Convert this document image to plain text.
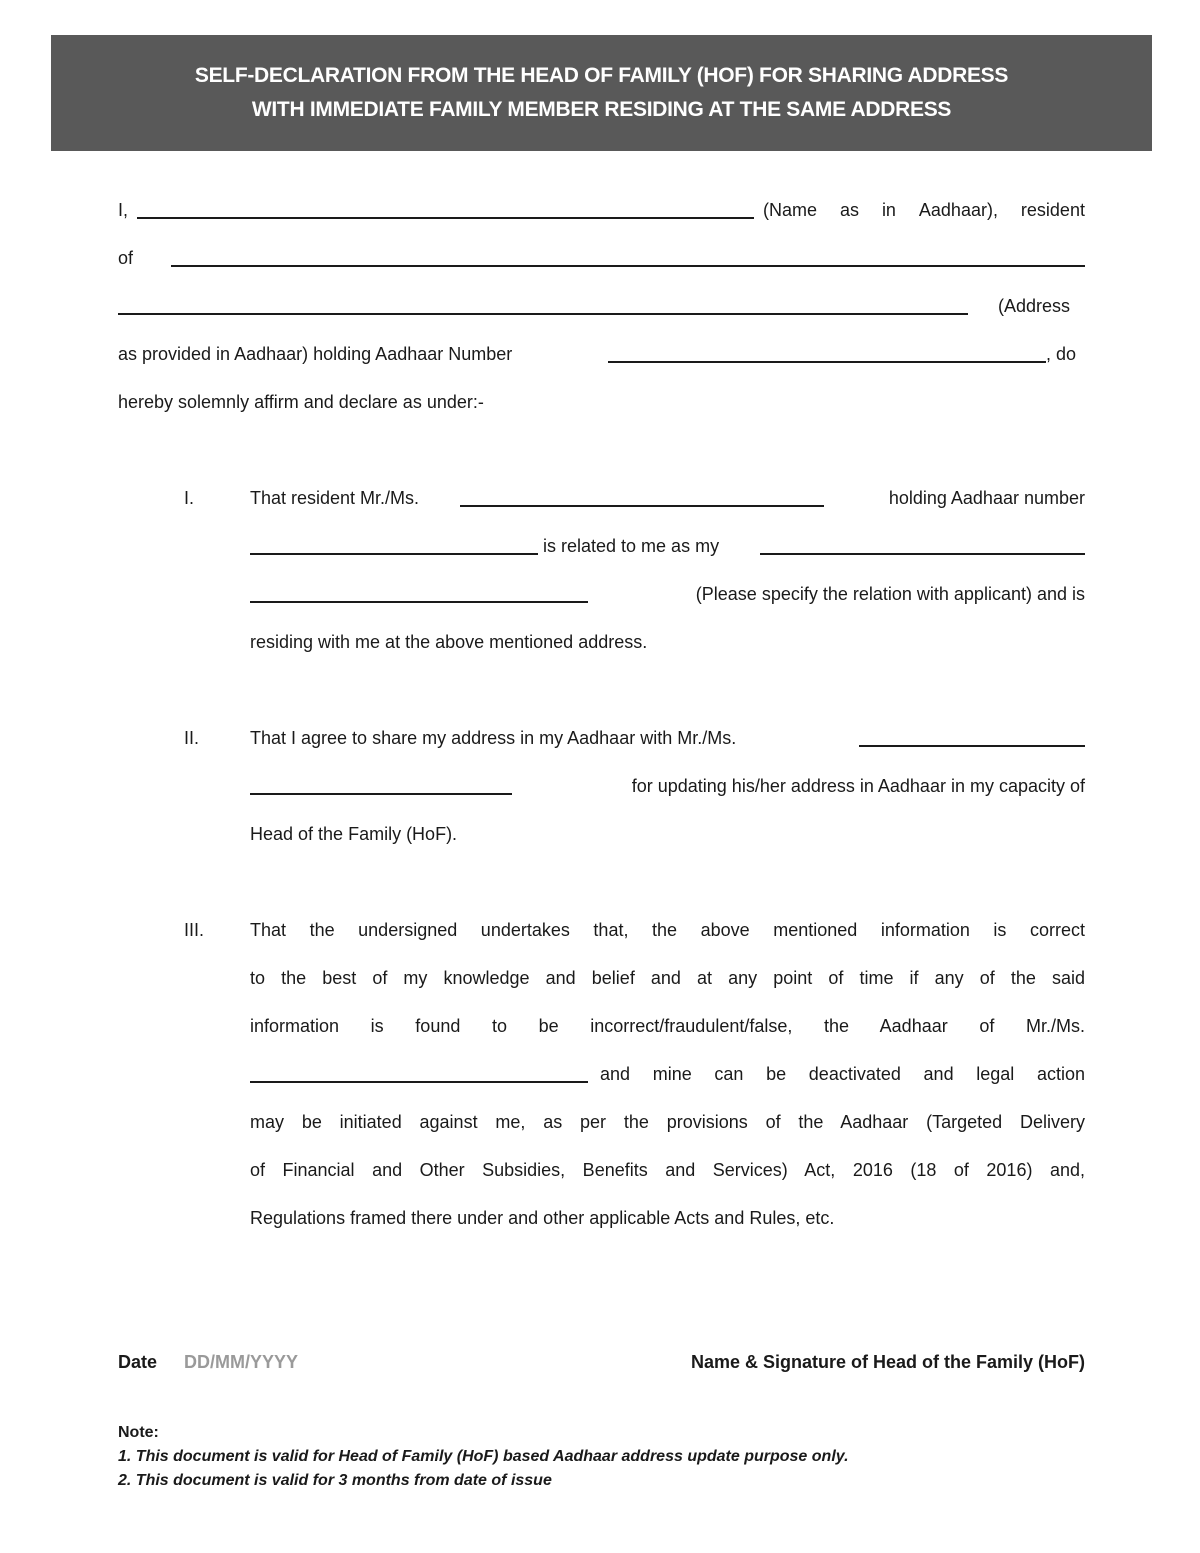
SELF-DECLARATION FROM THE HEAD OF FAMILY (HOF) FOR SHARING ADDRESS
WITH IMMEDIATE FAMILY MEMBER RESIDING AT THE SAME ADDRESS
I,	(Name as in Aadhaar), resident
of
(Address
as provided in Aadhaar) holding Aadhaar Number	, do
hereby solemnly affirm and declare as under:-
I.	That resident Mr./Ms.	holding Aadhaar number
is related to me as my
(Please specify the relation with applicant) and is
residing with me at the above mentioned address.
II.	That I agree to share my address in my Aadhaar with Mr./Ms.
for updating his/her address in Aadhaar in my capacity of
Head of the Family (HoF).
III.	That the undersigned undertakes that, the above mentioned information is correct
to the best of my knowledge and belief and at any point of time if any of the said
information is found to be incorrect/fraudulent/false, the Aadhaar of Mr./Ms.
and mine can be deactivated and legal action
may be initiated against me, as per the provisions of the Aadhaar (Targeted Delivery
of Financial and Other Subsidies, Benefits and Services) Act, 2016 (18 of 2016) and,
Regulations framed there under and other applicable Acts and Rules, etc.
Date DD/MM/YYYY	Name & Signature of Head of the Family (HoF)
Note:
1. This document is valid for Head of Family (HoF) based Aadhaar address update purpose only.
2. This document is valid for 3 months from date of issue
